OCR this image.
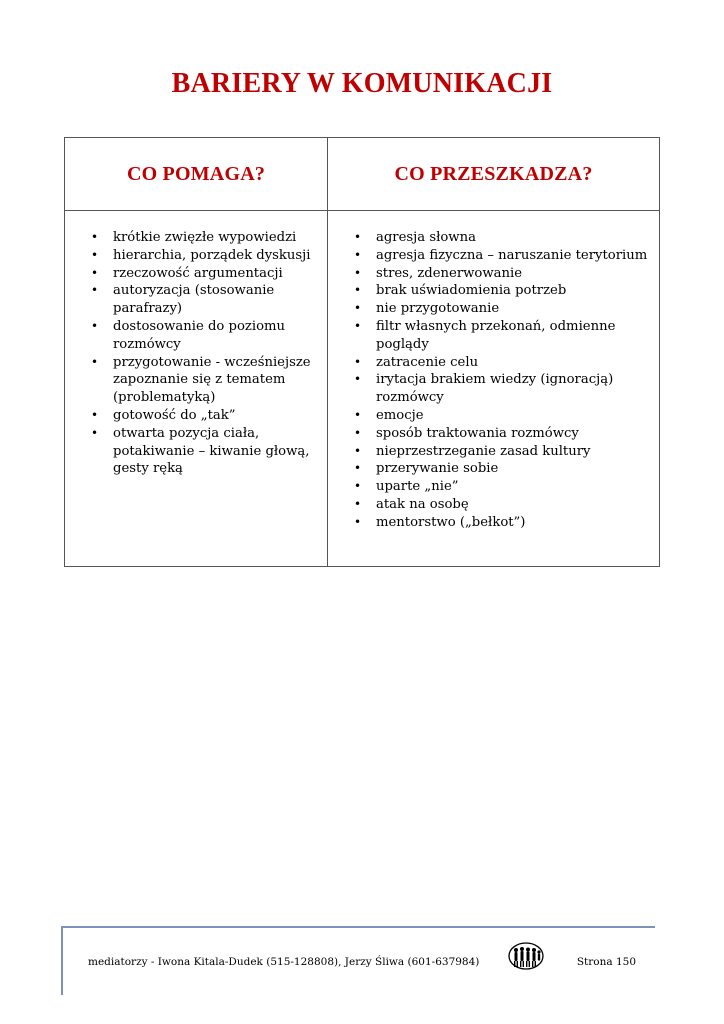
BARIERY W KOMUNIKACJI
CO POMAGA?	CO PRZESZKADZA?
• krótkie zwięzłe wypowiedzi
• hierarchia, porządek dyskusji
• rzeczowość argumentacji
• autoryzacja (stosowanie parafrazy)
• dostosowanie do poziomu rozmówcy
• przygotowanie - wcześniejsze zapoznanie się z tematem (problematyką)
• gotowość do „tak”
• otwarta pozycja ciała, potakiwanie – kiwanie głową, gesty ręką
• agresja słowna
• agresja fizyczna – naruszanie terytorium
• stres, zdenerwowanie
• brak uświadomienia potrzeb
• nie przygotowanie
• filtr własnych przekonań, odmienne poglądy
• zatracenie celu
• irytacja brakiem wiedzy (ignoracją) rozmówcy
• emocje
• sposób traktowania rozmówcy
• nieprzestrzeganie zasad kultury
• przerywanie sobie
• uparte „nie”
• atak na osobę
• mentorstwo („bełkot”)
mediatorzy - Iwona Kitala-Dudek (515-128808), Jerzy Śliwa (601-637984)	Strona 150
